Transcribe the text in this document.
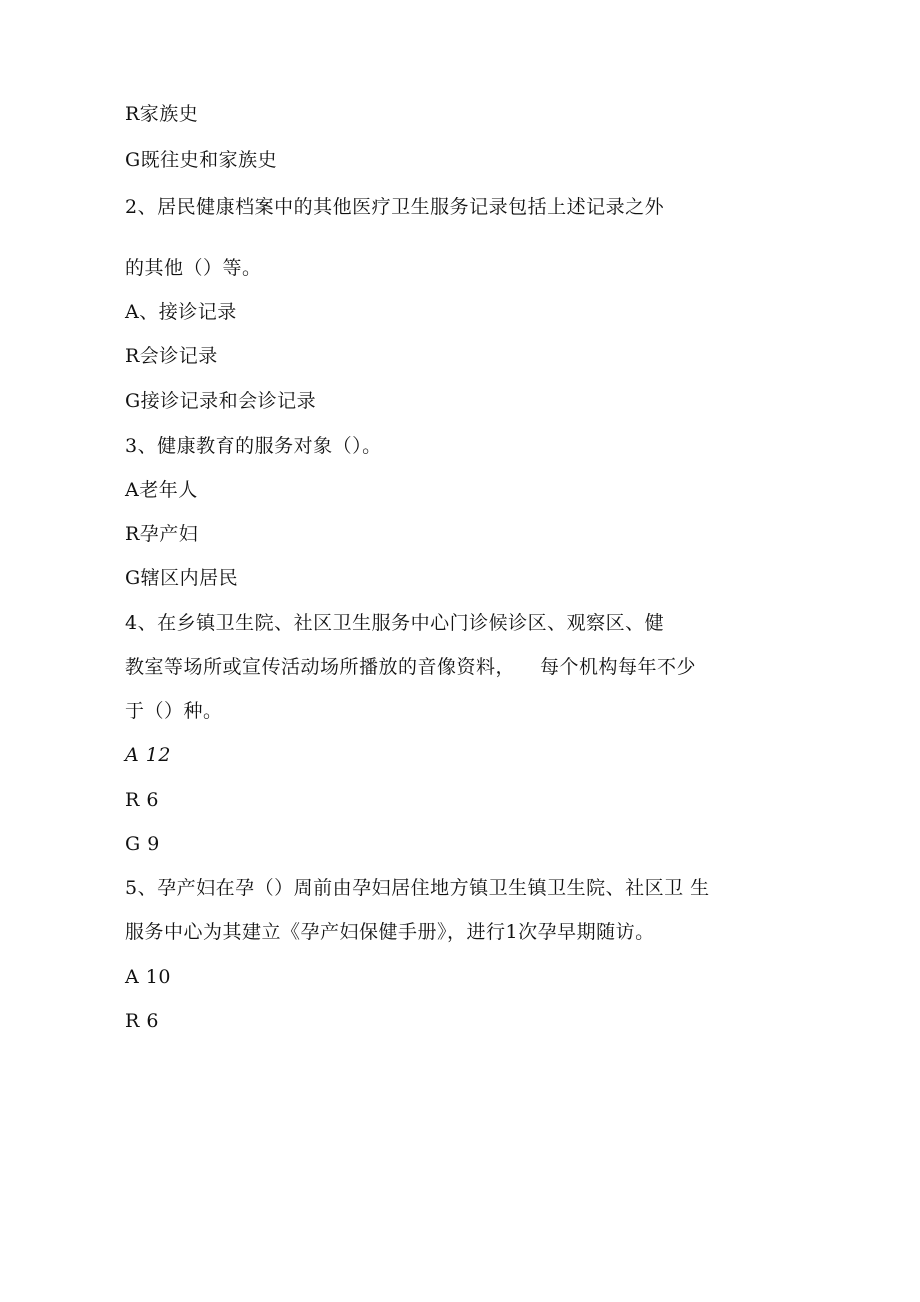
R家族史
G既往史和家族史
2、居民健康档案中的其他医疗卫生服务记录包括上述记录之外
的其他（）等。
A、接诊记录
R会诊记录
G接诊记录和会诊记录
3、健康教育的服务对象（）。
A老年人
R孕产妇
G辖区内居民
4、在乡镇卫生院、社区卫生服务中心门诊候诊区、观察区、健
教室等场所或宣传活动场所播放的音像资料， 每个机构每年不少
于（）种。
A 12
R 6
G 9
5、孕产妇在孕（）周前由孕妇居住地方镇卫生镇卫生院、社区卫 生
服务中心为其建立《孕产妇保健手册》，进行1次孕早期随访。
A 10
R 6
